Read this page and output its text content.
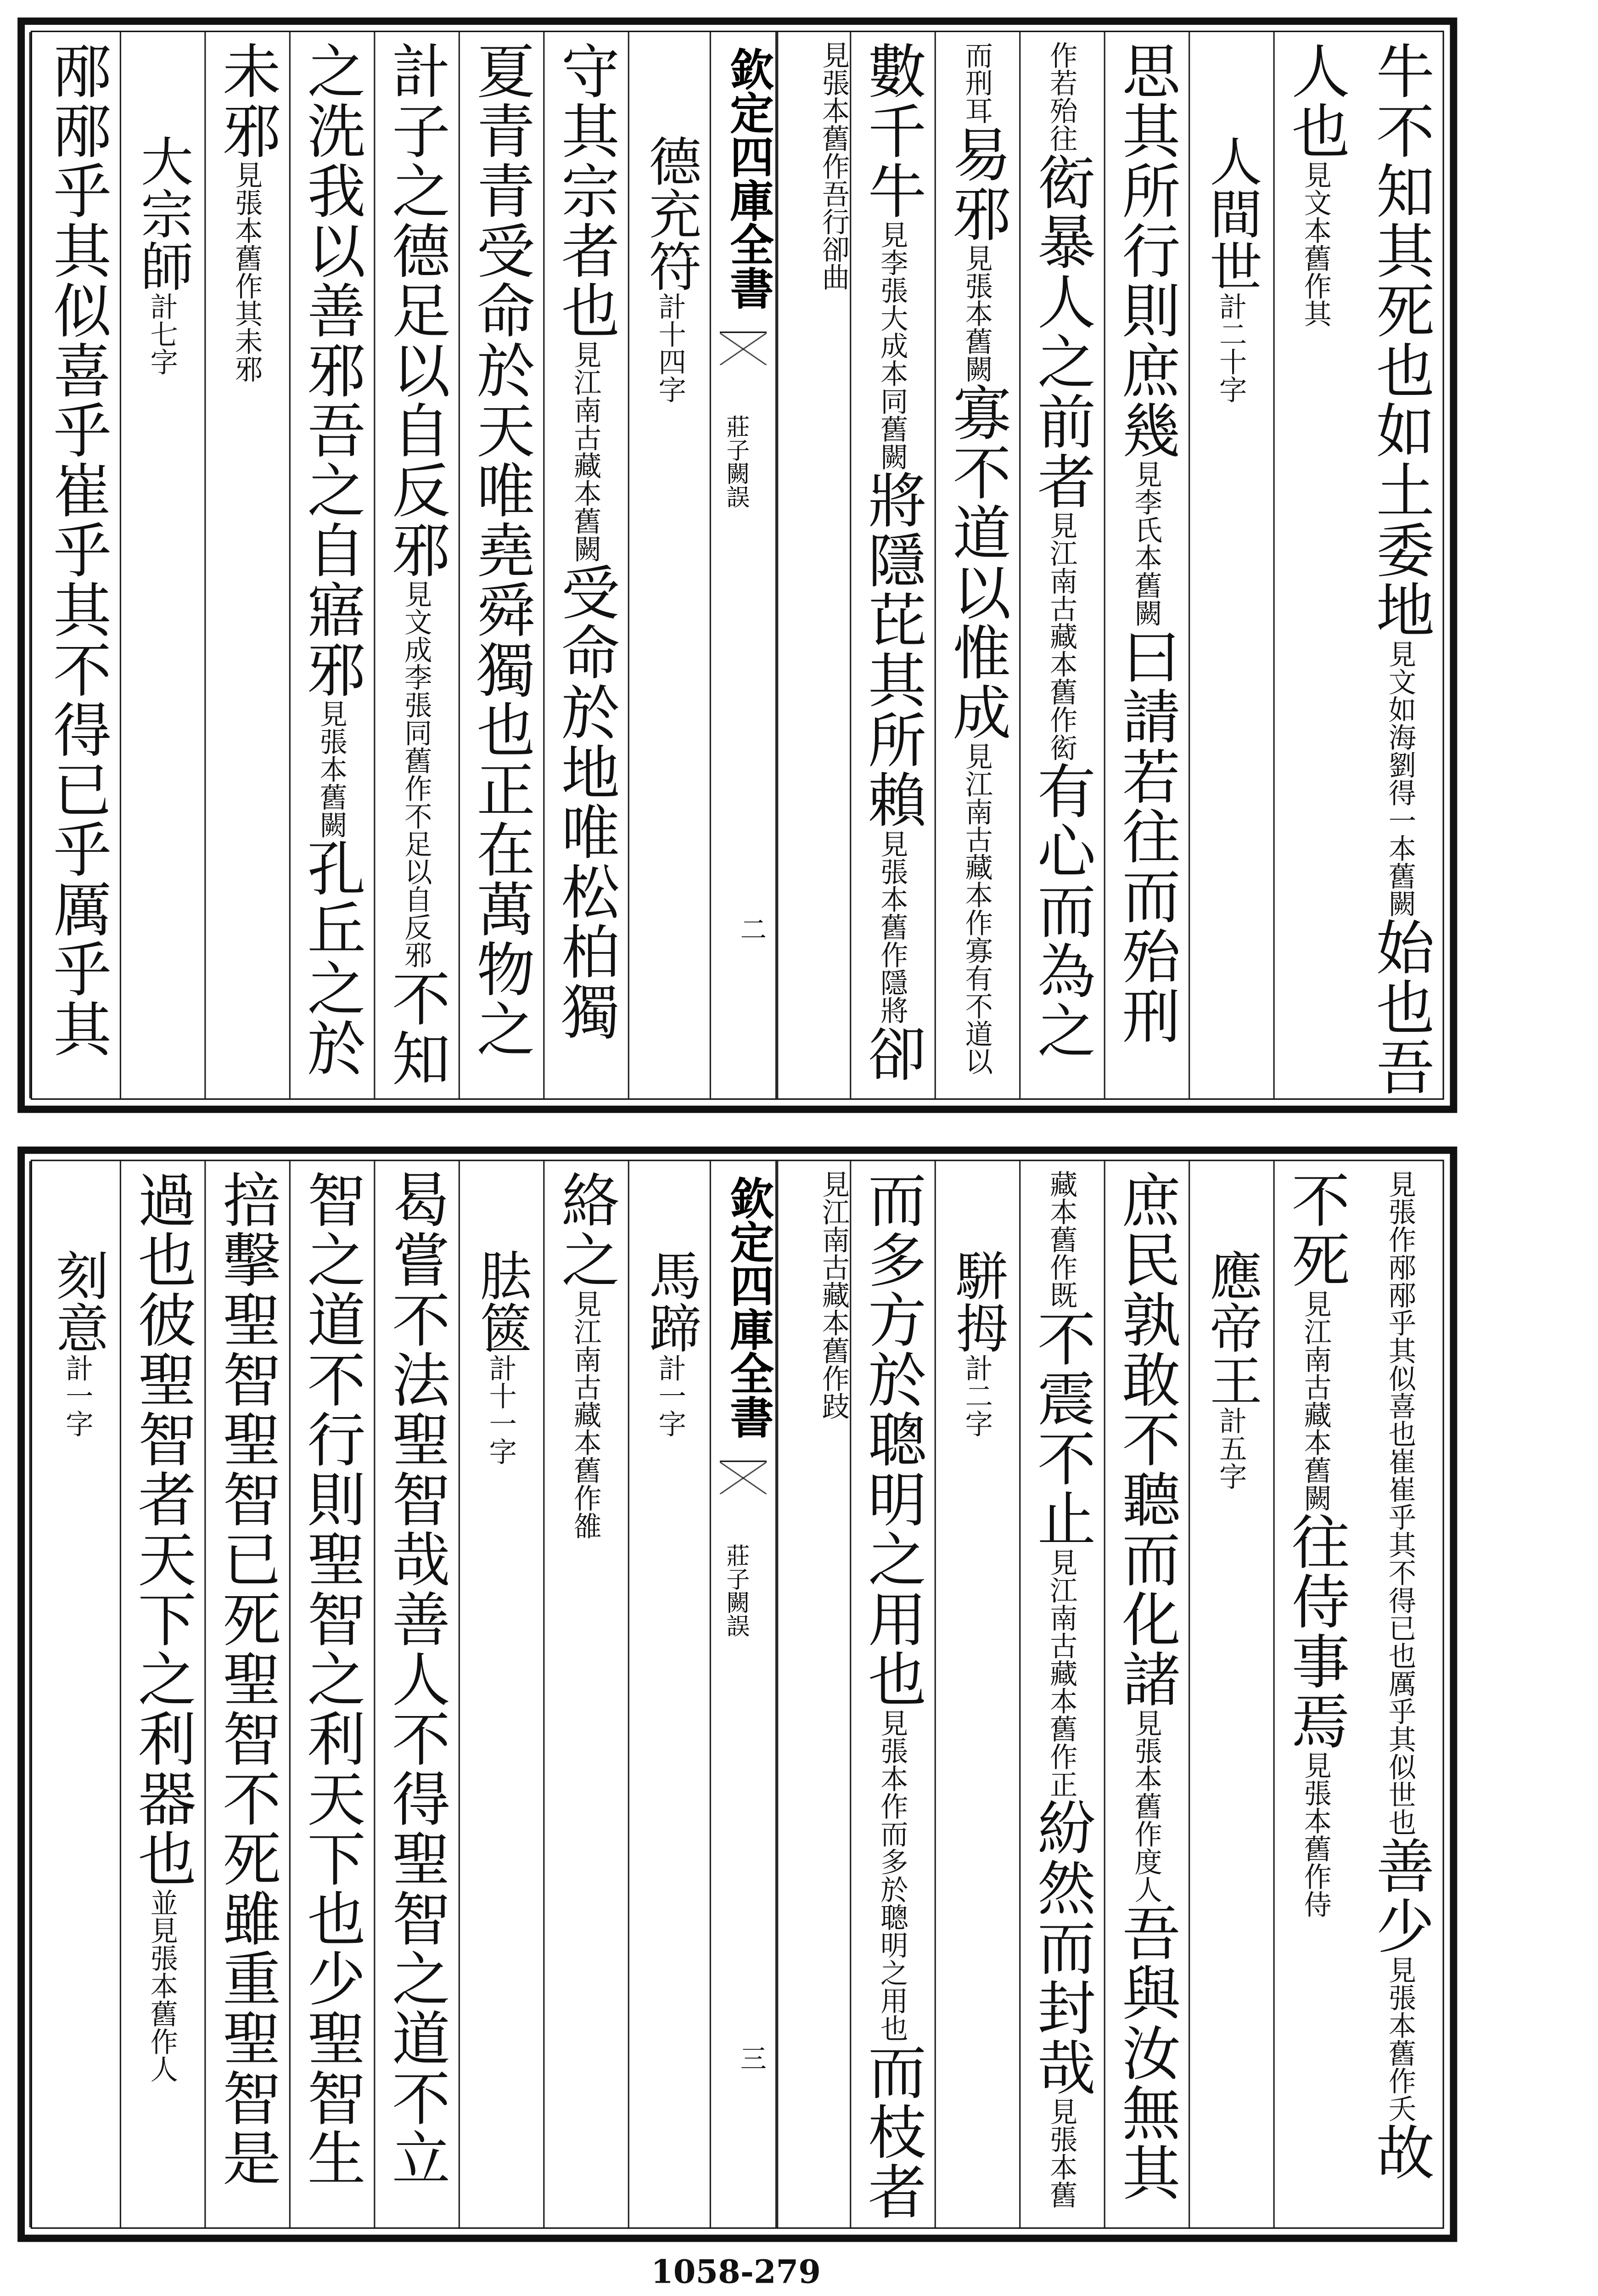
牛不知其死也如土委地見文如海劉得一本舊闕始也吾
人也見文本舊作其
人間世計二十字
思其所行則庶幾見李氏本舊闕曰請若往而殆刑
作若殆往衒暴人之前者見江南古藏本舊作衒有心而為之
而刑耳易邪見張本舊闕寡不道以惟成見江南古藏本作寡有不道以
數千牛見李張大成本同舊闕將隱芘其所賴見張本舊作隱將卻
見張本舊作吾行卻曲
欽定四庫全書
莊子闕誤
二
德充符計十四字
守其宗者也見江南古藏本舊闕受命於地唯松柏獨
夏青青受命於天唯堯舜獨也正在萬物之
計子之德足以自反邪見文成李張同舊作不足以自反邪不知
之洗我以善邪吾之自寤邪見張本舊闕孔丘之於
未邪見張本舊作其未邪
大宗師計七字
邴邴乎其似喜乎崔乎其不得已乎厲乎其
見張作邴邴乎其似喜也崔崔乎其不得已也厲乎其似世也善少見張本舊作夭故
不死見江南古藏本舊闕往侍事焉見張本舊作侍
應帝王計五字
庶民孰敢不聽而化諸見張本舊作度人吾與汝無其
藏本舊作既不震不止見江南古藏本舊作正紛然而封哉見張本舊
駢拇計二字
而多方於聰明之用也見張本作而多於聰明之用也而枝者
見江南古藏本舊作跂
欽定四庫全書
莊子闕誤
三
馬蹄計一字
絡之見江南古藏本舊作雒
胠篋計十一字
曷嘗不法聖智哉善人不得聖智之道不立
智之道不行則聖智之利天下也少聖智生
掊擊聖智聖智已死聖智不死雖重聖智是
過也彼聖智者天下之利器也並見張本舊作人
刻意計一字
1058-279
